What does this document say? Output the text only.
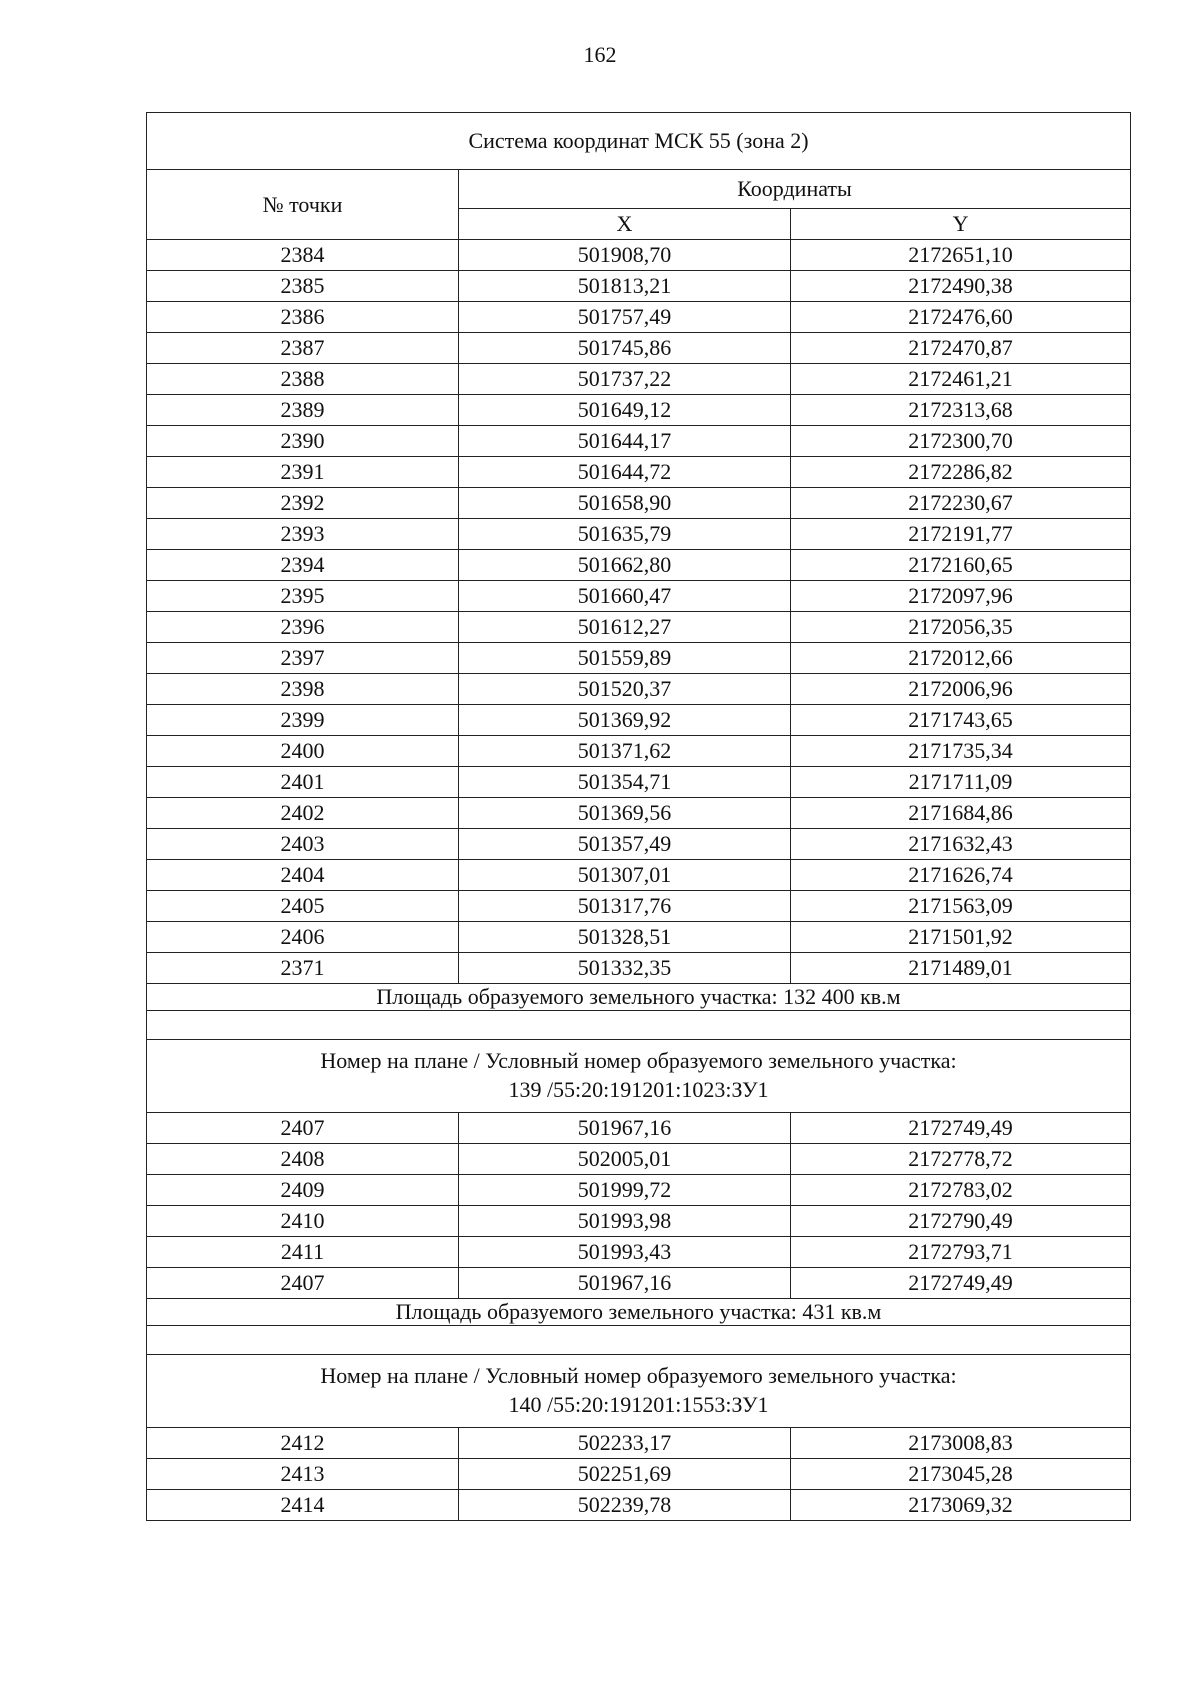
162
Система координат МСК 55 (зона 2)		
№ точки	Координаты	
	X	Y
2384	501908,70	2172651,10
2385	501813,21	2172490,38
2386	501757,49	2172476,60
2387	501745,86	2172470,87
2388	501737,22	2172461,21
2389	501649,12	2172313,68
2390	501644,17	2172300,70
2391	501644,72	2172286,82
2392	501658,90	2172230,67
2393	501635,79	2172191,77
2394	501662,80	2172160,65
2395	501660,47	2172097,96
2396	501612,27	2172056,35
2397	501559,89	2172012,66
2398	501520,37	2172006,96
2399	501369,92	2171743,65
2400	501371,62	2171735,34
2401	501354,71	2171711,09
2402	501369,56	2171684,86
2403	501357,49	2171632,43
2404	501307,01	2171626,74
2405	501317,76	2171563,09
2406	501328,51	2171501,92
2371	501332,35	2171489,01
Площадь образуемого земельного участка: 132 400 кв.м		

Номер на плане / Условный номер образуемого земельного участка:
139 /55:20:191201:1023:ЗУ1		

2407	501967,16	2172749,49
2408	502005,01	2172778,72
2409	501999,72	2172783,02
2410	501993,98	2172790,49
2411	501993,43	2172793,71
2407	501967,16	2172749,49
Площадь образуемого земельного участка: 431 кв.м		

Номер на плане / Условный номер образуемого земельного участка:
140 /55:20:191201:1553:ЗУ1		

2412	502233,17	2173008,83
2413	502251,69	2173045,28
2414	502239,78	2173069,32
